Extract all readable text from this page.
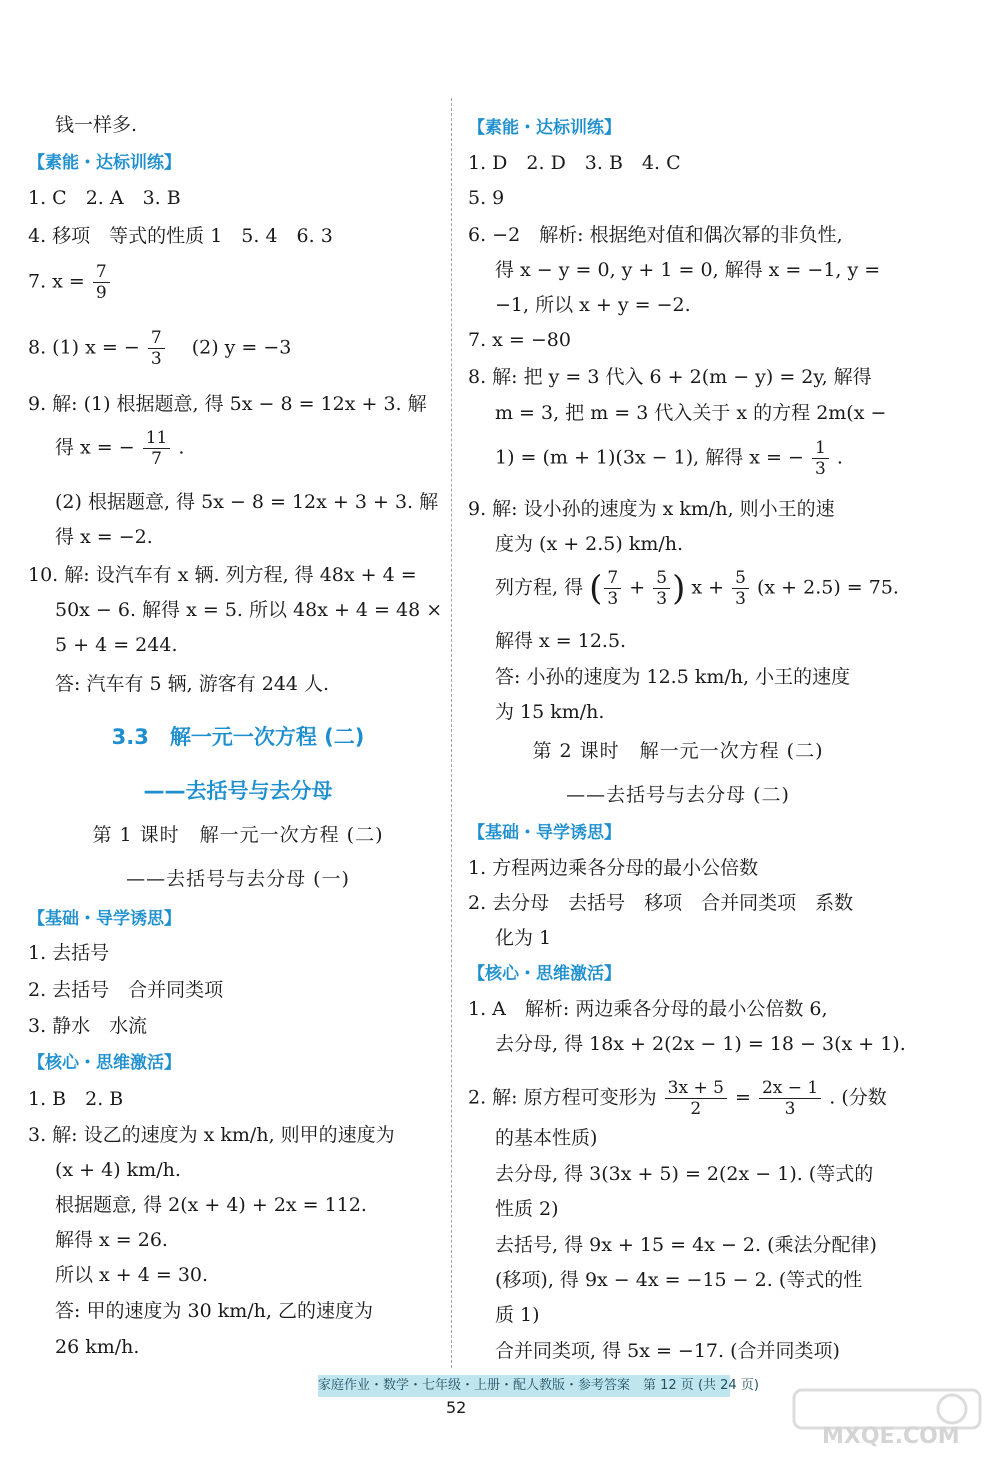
钱一样多.
【素能・达标训练】
1. C　2. A　3. B
4. 移项　等式的性质 1　5. 4　6. 3
7. $x = \frac{7}{9}$
8. (1) x = − $\frac{7}{3}$ 　(2) y = −3
9. 解: (1) 根据题意, 得 5x − 8 = 12x + 3. 解
得 x = − $\frac{11}{7}$ .
(2) 根据题意, 得 5x − 8 = 12x + 3 + 3. 解
得 x = −2.
10. 解: 设汽车有 x 辆. 列方程, 得 48x + 4 =
50x − 6. 解得 x = 5. 所以 48x + 4 = 48 ×
5 + 4 = 244.
答: 汽车有 5 辆, 游客有 244 人.
3.3　解一元一次方程 (二)
——去括号与去分母
第 1 课时　解一元一次方程 (二)
——去括号与去分母 (一)
【基础・导学诱思】
1. 去括号
2. 去括号　合并同类项
3. 静水　水流
【核心・思维激活】
1. B　2. B
3. 解: 设乙的速度为 x km/h, 则甲的速度为
(x + 4) km/h.
根据题意, 得 2(x + 4) + 2x = 112.
解得 x = 26.
所以 x + 4 = 30.
答: 甲的速度为 30 km/h, 乙的速度为
26 km/h.
【素能・达标训练】
1. D　2. D　3. B　4. C
5. 9
6. −2　解析: 根据绝对值和偶次幂的非负性,
得 x − y = 0, y + 1 = 0, 解得 x = −1, y =
−1, 所以 x + y = −2.
7. x = −80
8. 解: 把 y = 3 代入 6 + 2(m − y) = 2y, 解得
m = 3, 把 m = 3 代入关于 x 的方程 2m(x −
1) = (m + 1)(3x − 1), 解得 x = − $\frac{1}{3}$ .
9. 解: 设小孙的速度为 x km/h, 则小王的速
度为 (x + 2.5) km/h.
列方程, 得 ( $\frac{7}{3} + \frac{5}{3}$ ) $x + \frac{5}{3} (x + 2.5) = 75$.
解得 x = 12.5.
答: 小孙的速度为 12.5 km/h, 小王的速度
为 15 km/h.
第 2 课时　解一元一次方程 (二)
——去括号与去分母 (二)
【基础・导学诱思】
1. 方程两边乘各分母的最小公倍数
2. 去分母　去括号　移项　合并同类项　系数
化为 1
【核心・思维激活】
1. A　解析: 两边乘各分母的最小公倍数 6,
去分母, 得 18x + 2(2x − 1) = 18 − 3(x + 1).
2. 解: 原方程可变形为 $\frac{3x + 5}{2} = \frac{2x - 1}{3}$ . (分数
的基本性质)
去分母, 得 3(3x + 5) = 2(2x − 1). (等式的
性质 2)
去括号, 得 9x + 15 = 4x − 2. (乘法分配律)
(移项), 得 9x − 4x = −15 − 2. (等式的性
质 1)
合并同类项, 得 5x = −17. (合并同类项)
家庭作业・数学・七年级・上册・配人教版・参考答案　第 12 页 (共 24 页)
52
MXQE.COM
